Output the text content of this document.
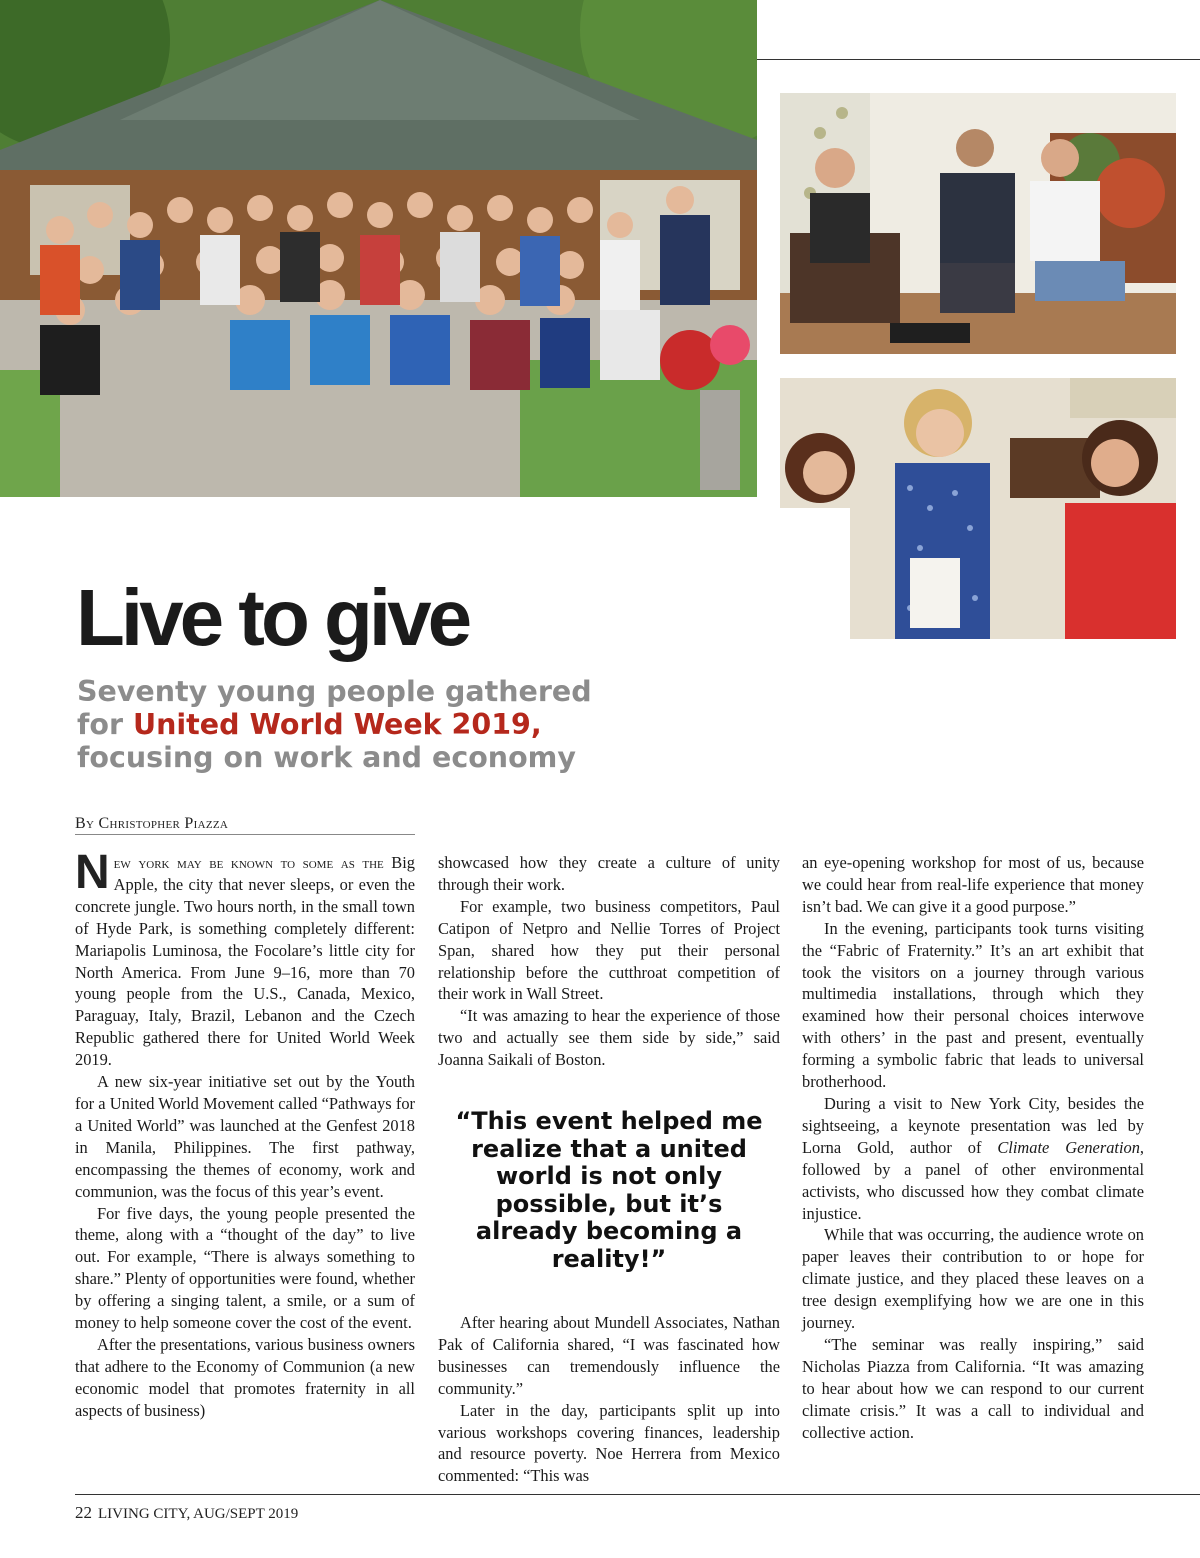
Live to give
Seventy young people gathered for United World Week 2019, focusing on work and economy
By Christopher Piazza

New york may be known to some as the Big Apple, the city that never sleeps, or even the concrete jungle. Two hours north, in the small town of Hyde Park, is something completely different: Mariapolis Luminosa, the Focolare’s little city for North America. From June 9–16, more than 70 young people from the U.S., Canada, Mexico, Paraguay, Italy, Brazil, Lebanon and the Czech Republic gathered there for United World Week 2019.

A new six-year initiative set out by the Youth for a United World Movement called “Pathways for a United World” was launched at the Genfest 2018 in Manila, Philippines. The first pathway, encompassing the themes of economy, work and communion, was the focus of this year’s event.

For five days, the young people presented the theme, along with a “thought of the day” to live out. For example, “There is always something to share.” Plenty of opportunities were found, whether by offering a singing talent, a smile, or a sum of money to help someone cover the cost of the event.

After the presentations, various business owners that adhere to the Economy of Communion (a new economic model that promotes fraternity in all aspects of business)

showcased how they create a culture of unity through their work.

For example, two business competitors, Paul Catipon of Netpro and Nellie Torres of Project Span, shared how they put their personal relationship before the cutthroat competition of their work in Wall Street.

“It was amazing to hear the experience of those two and actually see them side by side,” said Joanna Saikali of Boston.

“This event helped me realize that a united world is not only possible, but it’s already becoming a reality!”

After hearing about Mundell Associates, Nathan Pak of California shared, “I was fascinated how businesses can tremendously influence the community.”

Later in the day, participants split up into various workshops covering finances, leadership and resource poverty. Noe Herrera from Mexico commented: “This was

an eye-opening workshop for most of us, because we could hear from real-life experience that money isn’t bad. We can give it a good purpose.”

In the evening, participants took turns visiting the “Fabric of Fraternity.” It’s an art exhibit that took the visitors on a journey through various multimedia installations, through which they examined how their personal choices interwove with others’ in the past and present, eventually forming a symbolic fabric that leads to universal brotherhood.

During a visit to New York City, besides the sightseeing, a keynote presentation was led by Lorna Gold, author of Climate Generation, followed by a panel of other environmental activists, who discussed how they combat climate injustice.

While that was occurring, the audience wrote on paper leaves their contribution to or hope for climate justice, and they placed these leaves on a tree design exemplifying how we are one in this journey.

“The seminar was really inspiring,” said Nicholas Piazza from California. “It was amazing to hear about how we can respond to our current climate crisis.” It was a call to individual and collective action.

22 LIVING CITY, AUG/SEPT 2019
